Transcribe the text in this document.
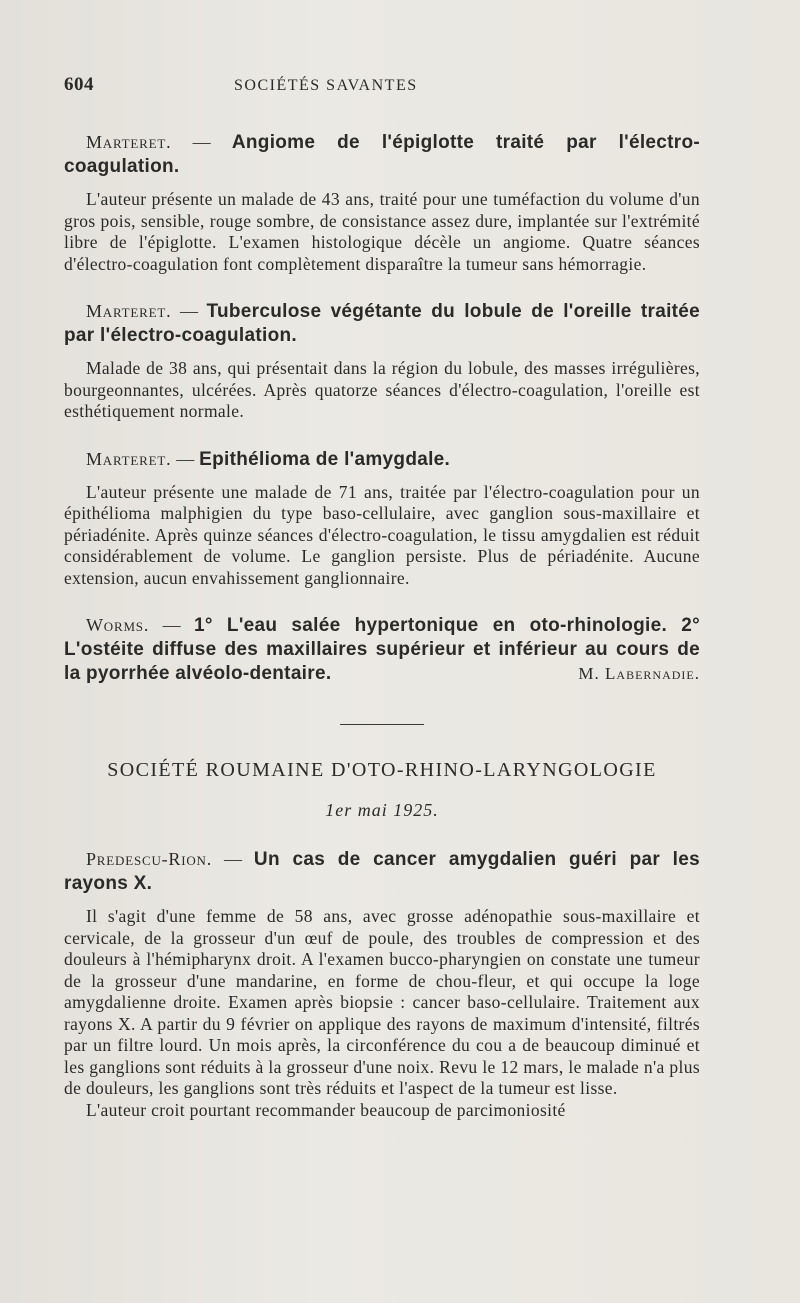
604	SOCIÉTÉS SAVANTES

Marteret. — Angiome de l'épiglotte traité par l'électro-coagulation.

L'auteur présente un malade de 43 ans, traité pour une tuméfaction du volume d'un gros pois, sensible, rouge sombre, de consistance assez dure, implantée sur l'extrémité libre de l'épiglotte. L'examen histologique décèle un angiome. Quatre séances d'électro-coagulation font complètement disparaître la tumeur sans hémorragie.

Marteret. — Tuberculose végétante du lobule de l'oreille traitée par l'électro-coagulation.

Malade de 38 ans, qui présentait dans la région du lobule, des masses irrégulières, bourgeonnantes, ulcérées. Après quatorze séances d'électro-coagulation, l'oreille est esthétiquement normale.

Marteret. — Epithélioma de l'amygdale.

L'auteur présente une malade de 71 ans, traitée par l'électro-coagulation pour un épithélioma malphigien du type baso-cellulaire, avec ganglion sous-maxillaire et périadénite. Après quinze séances d'électro-coagulation, le tissu amygdalien est réduit considérablement de volume. Le ganglion persiste. Plus de périadénite. Aucune extension, aucun envahissement ganglionnaire.

Worms. — 1° L'eau salée hypertonique en oto-rhinologie. 2° L'ostéite diffuse des maxillaires supérieur et inférieur au cours de la pyorrhée alvéolo-dentaire.	M. Labernadie.

SOCIÉTÉ ROUMAINE D'OTO-RHINO-LARYNGOLOGIE

1er mai 1925.

Predescu-Rion. — Un cas de cancer amygdalien guéri par les rayons X.

Il s'agit d'une femme de 58 ans, avec grosse adénopathie sous-maxillaire et cervicale, de la grosseur d'un œuf de poule, des troubles de compression et des douleurs à l'hémipharynx droit. A l'examen bucco-pharyngien on constate une tumeur de la grosseur d'une mandarine, en forme de chou-fleur, et qui occupe la loge amygdalienne droite. Examen après biopsie : cancer baso-cellulaire. Traitement aux rayons X. A partir du 9 février on applique des rayons de maximum d'intensité, filtrés par un filtre lourd. Un mois après, la circonférence du cou a de beaucoup diminué et les ganglions sont réduits à la grosseur d'une noix. Revu le 12 mars, le malade n'a plus de douleurs, les ganglions sont très réduits et l'aspect de la tumeur est lisse.

L'auteur croit pourtant recommander beaucoup de parcimoniosité
